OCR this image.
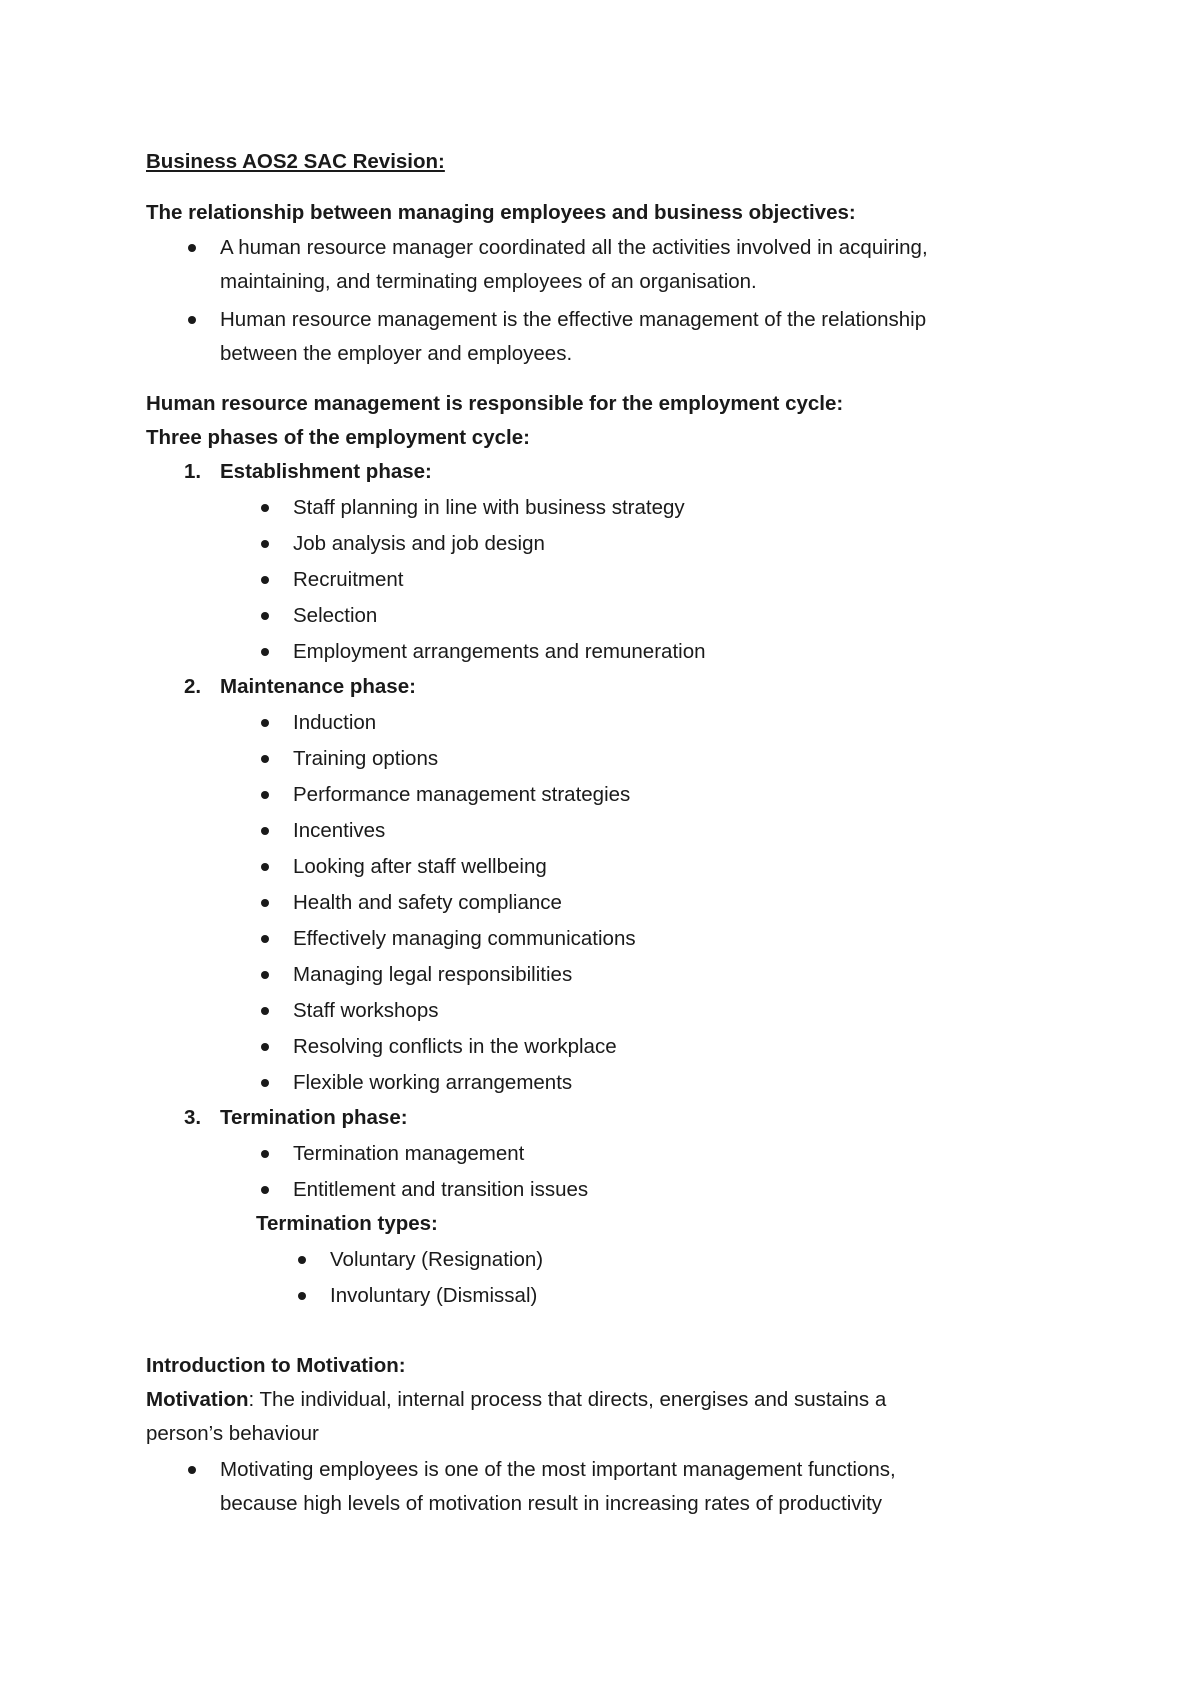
Business AOS2 SAC Revision:
The relationship between managing employees and business objectives:
A human resource manager coordinated all the activities involved in acquiring,
maintaining, and terminating employees of an organisation.
Human resource management is the effective management of the relationship
between the employer and employees.
Human resource management is responsible for the employment cycle:
Three phases of the employment cycle:
1. Establishment phase:
Staff planning in line with business strategy
Job analysis and job design
Recruitment
Selection
Employment arrangements and remuneration
2. Maintenance phase:
Induction
Training options
Performance management strategies
Incentives
Looking after staff wellbeing
Health and safety compliance
Effectively managing communications
Managing legal responsibilities
Staff workshops
Resolving conflicts in the workplace
Flexible working arrangements
3. Termination phase:
Termination management
Entitlement and transition issues
Termination types:
Voluntary (Resignation)
Involuntary (Dismissal)
Introduction to Motivation:
Motivation: The individual, internal process that directs, energises and sustains a
person’s behaviour
Motivating employees is one of the most important management functions,
because high levels of motivation result in increasing rates of productivity
